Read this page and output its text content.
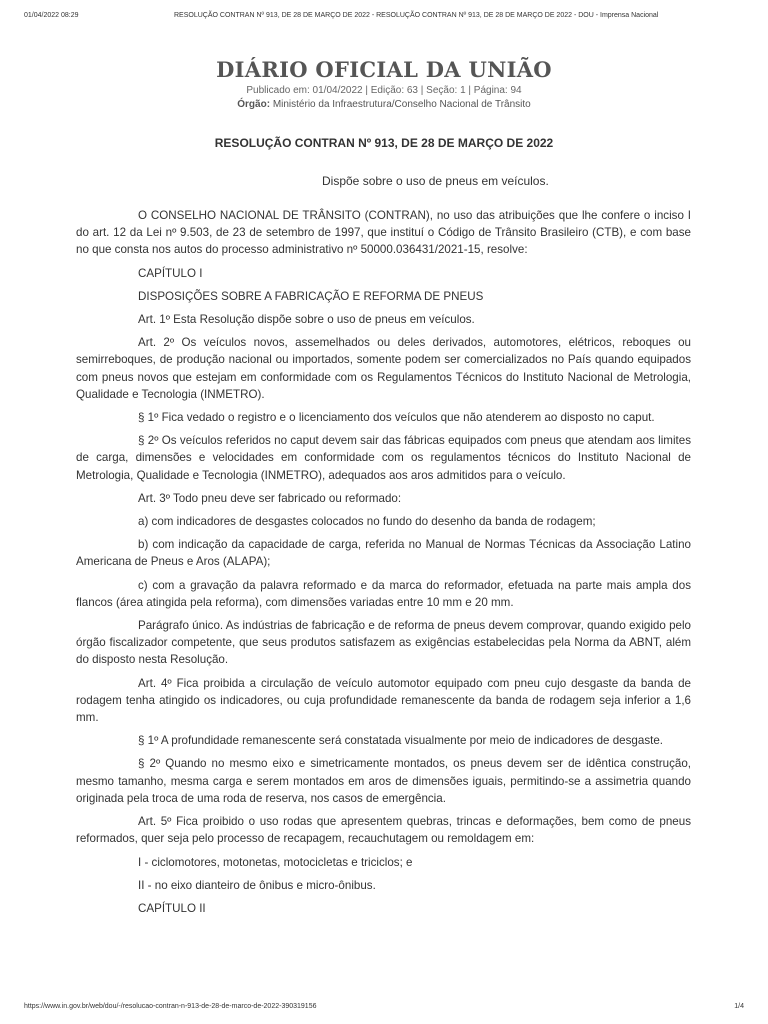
01/04/2022 08:29	RESOLUÇÃO CONTRAN Nº 913, DE 28 DE MARÇO DE 2022 - RESOLUÇÃO CONTRAN Nº 913, DE 28 DE MARÇO DE 2022 - DOU - Imprensa Nacional
DIÁRIO OFICIAL DA UNIÃO
Publicado em: 01/04/2022 | Edição: 63 | Seção: 1 | Página: 94
Órgão: Ministério da Infraestrutura/Conselho Nacional de Trânsito
RESOLUÇÃO CONTRAN Nº 913, DE 28 DE MARÇO DE 2022
Dispõe sobre o uso de pneus em veículos.

O CONSELHO NACIONAL DE TRÂNSITO (CONTRAN), no uso das atribuições que lhe confere o inciso I do art. 12 da Lei nº 9.503, de 23 de setembro de 1997, que instituí o Código de Trânsito Brasileiro (CTB), e com base no que consta nos autos do processo administrativo nº 50000.036431/2021-15, resolve:

CAPÍTULO I

DISPOSIÇÕES SOBRE A FABRICAÇÃO E REFORMA DE PNEUS

Art. 1º Esta Resolução dispõe sobre o uso de pneus em veículos.

Art. 2º Os veículos novos, assemelhados ou deles derivados, automotores, elétricos, reboques ou semirreboques, de produção nacional ou importados, somente podem ser comercializados no País quando equipados com pneus novos que estejam em conformidade com os Regulamentos Técnicos do Instituto Nacional de Metrologia, Qualidade e Tecnologia (INMETRO).

§ 1º Fica vedado o registro e o licenciamento dos veículos que não atenderem ao disposto no caput.

§ 2º Os veículos referidos no caput devem sair das fábricas equipados com pneus que atendam aos limites de carga, dimensões e velocidades em conformidade com os regulamentos técnicos do Instituto Nacional de Metrologia, Qualidade e Tecnologia (INMETRO), adequados aos aros admitidos para o veículo.

Art. 3º Todo pneu deve ser fabricado ou reformado:

a) com indicadores de desgastes colocados no fundo do desenho da banda de rodagem;

b) com indicação da capacidade de carga, referida no Manual de Normas Técnicas da Associação Latino Americana de Pneus e Aros (ALAPA);

c) com a gravação da palavra reformado e da marca do reformador, efetuada na parte mais ampla dos flancos (área atingida pela reforma), com dimensões variadas entre 10 mm e 20 mm.

Parágrafo único. As indústrias de fabricação e de reforma de pneus devem comprovar, quando exigido pelo órgão fiscalizador competente, que seus produtos satisfazem as exigências estabelecidas pela Norma da ABNT, além do disposto nesta Resolução.

Art. 4º Fica proibida a circulação de veículo automotor equipado com pneu cujo desgaste da banda de rodagem tenha atingido os indicadores, ou cuja profundidade remanescente da banda de rodagem seja inferior a 1,6 mm.

§ 1º A profundidade remanescente será constatada visualmente por meio de indicadores de desgaste.

§ 2º Quando no mesmo eixo e simetricamente montados, os pneus devem ser de idêntica construção, mesmo tamanho, mesma carga e serem montados em aros de dimensões iguais, permitindo-se a assimetria quando originada pela troca de uma roda de reserva, nos casos de emergência.

Art. 5º Fica proibido o uso rodas que apresentem quebras, trincas e deformações, bem como de pneus reformados, quer seja pelo processo de recapagem, recauchutagem ou remoldagem em:

I - ciclomotores, motonetas, motocicletas e triciclos; e

II - no eixo dianteiro de ônibus e micro-ônibus.

CAPÍTULO II

https://www.in.gov.br/web/dou/-/resolucao-contran-n-913-de-28-de-marco-de-2022-390319156	1/4
